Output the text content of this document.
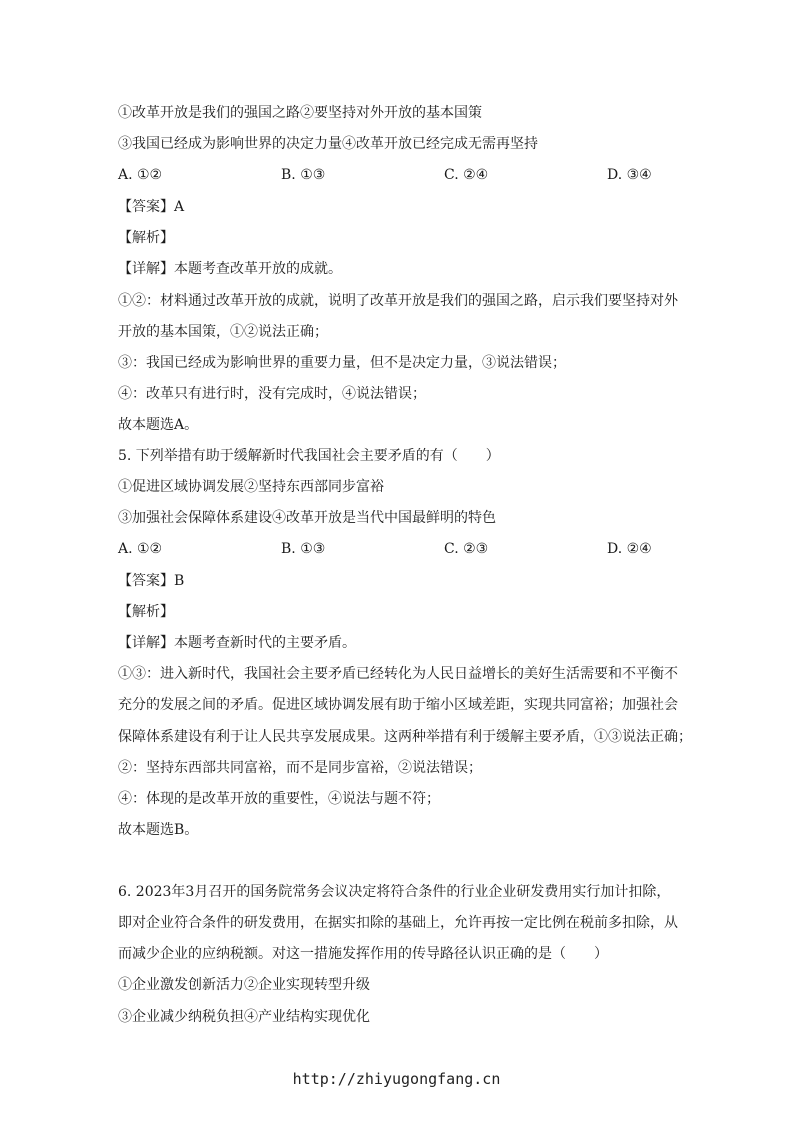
①改革开放是我们的强国之路②要坚持对外开放的基本国策
③我国已经成为影响世界的决定力量④改革开放已经完成无需再坚持
A. ①②	B. ①③	C. ②④	D. ③④
【答案】A
【解析】
【详解】本题考查改革开放的成就。
①②：材料通过改革开放的成就，说明了改革开放是我们的强国之路，启示我们要坚持对外
开放的基本国策，①②说法正确；
③：我国已经成为影响世界的重要力量，但不是决定力量，③说法错误；
④：改革只有进行时，没有完成时，④说法错误；
故本题选A。
5. 下列举措有助于缓解新时代我国社会主要矛盾的有（　　）
①促进区域协调发展②坚持东西部同步富裕
③加强社会保障体系建设④改革开放是当代中国最鲜明的特色
A. ①②	B. ①③	C. ②③	D. ②④
【答案】B
【解析】
【详解】本题考查新时代的主要矛盾。
①③：进入新时代，我国社会主要矛盾已经转化为人民日益增长的美好生活需要和不平衡不
充分的发展之间的矛盾。促进区域协调发展有助于缩小区域差距，实现共同富裕；加强社会
保障体系建设有利于让人民共享发展成果。这两种举措有利于缓解主要矛盾，①③说法正确；
②：坚持东西部共同富裕，而不是同步富裕，②说法错误；
④：体现的是改革开放的重要性，④说法与题不符；
故本题选B。
6. 2023年3月召开的国务院常务会议决定将符合条件的行业企业研发费用实行加计扣除，
即对企业符合条件的研发费用，在据实扣除的基础上，允许再按一定比例在税前多扣除，从
而减少企业的应纳税额。对这一措施发挥作用的传导路径认识正确的是（　　）
①企业激发创新活力②企业实现转型升级
③企业减少纳税负担④产业结构实现优化
http://zhiyugongfang.cn
